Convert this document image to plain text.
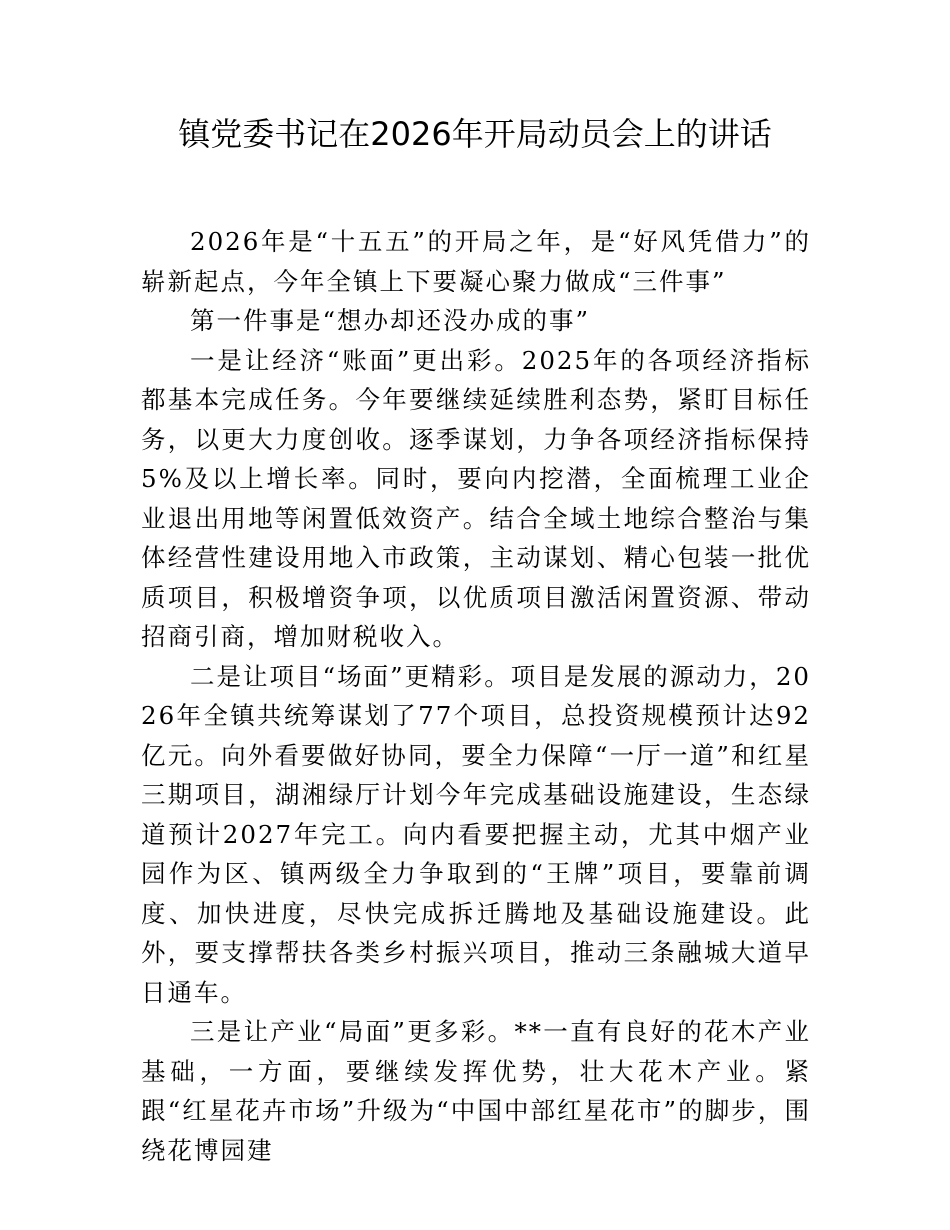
镇党委书记在2026年开局动员会上的讲话

2026年是“十五五”的开局之年，是“好风凭借力”的崭新起点，今年全镇上下要凝心聚力做成“三件事”

第一件事是“想办却还没办成的事”

一是让经济“账面”更出彩。2025年的各项经济指标都基本完成任务。今年要继续延续胜利态势，紧盯目标任务，以更大力度创收。逐季谋划，力争各项经济指标保持5%及以上增长率。同时，要向内挖潜，全面梳理工业企业退出用地等闲置低效资产。结合全域土地综合整治与集体经营性建设用地入市政策，主动谋划、精心包装一批优质项目，积极增资争项，以优质项目激活闲置资源、带动招商引商，增加财税收入。

二是让项目“场面”更精彩。项目是发展的源动力，2026年全镇共统筹谋划了77个项目，总投资规模预计达92亿元。向外看要做好协同，要全力保障“一厅一道”和红星三期项目，湖湘绿厅计划今年完成基础设施建设，生态绿道预计2027年完工。向内看要把握主动，尤其中烟产业园作为区、镇两级全力争取到的“王牌”项目，要靠前调度、加快进度，尽快完成拆迁腾地及基础设施建设。此外，要支撑帮扶各类乡村振兴项目，推动三条融城大道早日通车。

三是让产业“局面”更多彩。**一直有良好的花木产业基础，一方面，要继续发挥优势，壮大花木产业。紧跟“红星花卉市场”升级为“中国中部红星花市”的脚步，围绕花博园建
